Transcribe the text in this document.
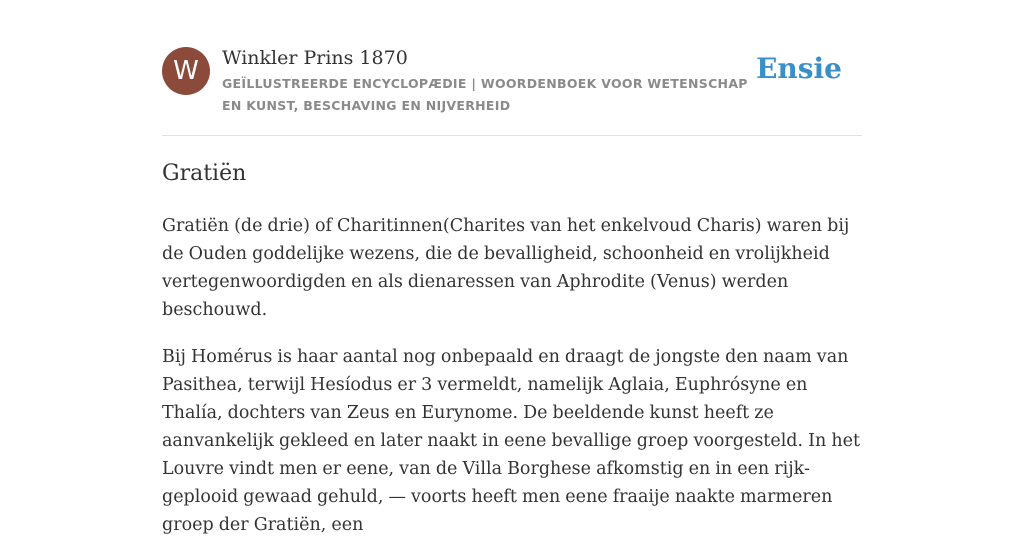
W	Winkler Prins 1870
GEÏLLUSTREERDE ENCYCLOPÆDIE | WOORDENBOEK VOOR WETENSCHAP EN KUNST, BESCHAVING EN NIJVERHEID
Ensie
Gratiën

Gratiën (de drie) of Charitinnen(Charites van het enkelvoud Charis) waren bij de Ouden goddelijke wezens, die de bevalligheid, schoonheid en vrolijkheid vertegenwoordigden en als dienaressen van Aphrodite (Venus) werden beschouwd.

Bij Homérus is haar aantal nog onbepaald en draagt de jongste den naam van Pasithea, terwijl Hesíodus er 3 vermeldt, namelijk Aglaia, Euphrósyne en Thalía, dochters van Zeus en Eurynome. De beeldende kunst heeft ze aanvankelijk gekleed en later naakt in eene bevallige groep voorgesteld. In het Louvre vindt men er eene, van de Villa Borghese afkomstig en in een rijk-geplooid gewaad gehuld, — voorts heeft men eene fraaije naakte marmeren groep der Gratiën, een
